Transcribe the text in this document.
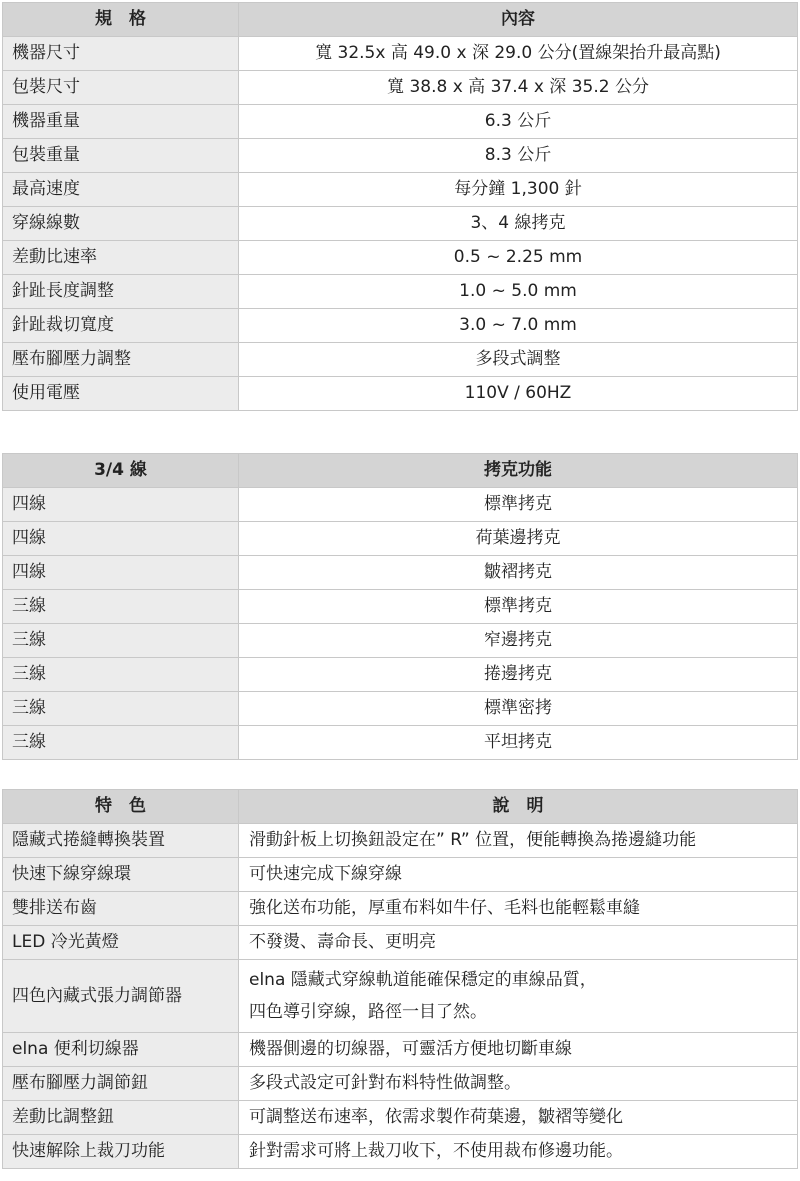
規　格	內容
機器尺寸	寬 32.5x 高 49.0 x 深 29.0 公分(置線架抬升最高點)
包裝尺寸	寬 38.8 x 高 37.4 x 深 35.2 公分
機器重量	6.3 公斤
包裝重量	8.3 公斤
最高速度	每分鐘 1,300 針
穿線線數	3、4 線拷克
差動比速率	0.5 ~ 2.25 mm
針趾長度調整	1.0 ~ 5.0 mm
針趾裁切寬度	3.0 ~ 7.0 mm
壓布腳壓力調整	多段式調整
使用電壓	110V / 60HZ
3/4 線	拷克功能
四線	標準拷克
四線	荷葉邊拷克
四線	皺褶拷克
三線	標準拷克
三線	窄邊拷克
三線	捲邊拷克
三線	標準密拷
三線	平坦拷克
特　色	說　明
隱藏式捲縫轉換裝置	滑動針板上切換鈕設定在” R” 位置，便能轉換為捲邊縫功能
快速下線穿線環	可快速完成下線穿線
雙排送布齒	強化送布功能，厚重布料如牛仔、毛料也能輕鬆車縫
LED 冷光黃燈	不發燙、壽命長、更明亮
四色內藏式張力調節器	elna 隱藏式穿線軌道能確保穩定的車線品質，
四色導引穿線，路徑一目了然。

elna 便利切線器	機器側邊的切線器，可靈活方便地切斷車線
壓布腳壓力調節鈕	多段式設定可針對布料特性做調整。
差動比調整鈕	可調整送布速率，依需求製作荷葉邊，皺褶等變化
快速解除上裁刀功能	針對需求可將上裁刀收下，不使用裁布修邊功能。
